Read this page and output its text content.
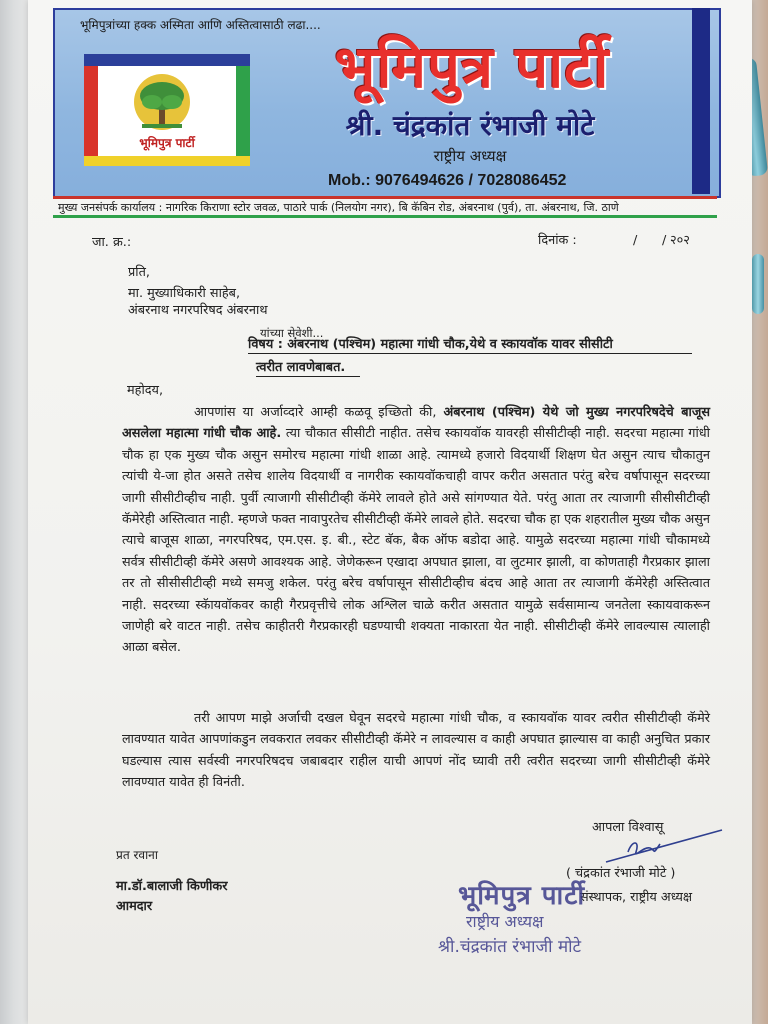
भूमिपुत्रांच्या हक्क अस्मिता आणि अस्तित्वासाठी लढा....
भूमिपुत्र पार्टी
भूमिपुत्र पार्टी
श्री. चंद्रकांत रंभाजी मोटे
राष्ट्रीय अध्यक्ष
Mob.: 9076494626 / 7028086452
मुख्य जनसंपर्क कार्यालय : नागरिक किराणा स्टोर जवळ, पाठारे पार्क (निलयोग नगर), बि कॅबिन रोड, अंबरनाथ (पुर्व), ता. अंबरनाथ, जि. ठाणे
जा. क्र.:	दिनांक :	/ / २०२
प्रति,
मा. मुख्याधिकारी साहेब,
अंबरनाथ नगरपरिषद अंबरनाथ
यांच्या सेवेशी...
विषय : अंबरनाथ (पश्चिम) महात्मा गांधी चौक,येथे व स्कायवॉक यावर सीसीटी
त्वरीत लावणेबाबत.
महोदय,
आपणांस या अर्जाव्दारे आम्ही कळवू इच्छितो की, अंबरनाथ (पश्चिम) येथे जो मुख्य नगरपरिषदेचे बाजूस असलेला महात्मा गांधी चौक आहे. त्या चौकात सीसीटी नाहीत. तसेच स्कायवॉक यावरही सीसीटीव्ही नाही. सदरचा महात्मा गांधी चौक हा एक मुख्य चौक असुन समोरच महात्मा गांधी शाळा आहे. त्यामध्ये हजारो विदयार्थी शिक्षण घेत असुन त्याच चौकातुन त्यांची ये-जा होत असते तसेच शालेय विदयार्थी व नागरीक स्कायवॉकचाही वापर करीत असतात परंतु बरेच वर्षापासून सदरच्या जागी सीसीटीव्हीच नाही. पुर्वी त्याजागी सीसीटीव्ही कॅमेरे लावले होते असे सांगण्यात येते. परंतु आता तर त्याजागी सीसीसीटीव्ही कॅमेरेही अस्तित्वात नाही. म्हणजे फक्त नावापुरतेच सीसीटीव्ही कॅमेरे लावले होते. सदरचा चौक हा एक शहरातील मुख्य चौक असुन त्याचे बाजूस शाळा, नगरपरिषद, एम.एस. इ. बी., स्टेट बॅक, बैक ऑफ बडोदा आहे. यामुळे सदरच्या महात्मा गांधी चौकामध्ये सर्वत्र सीसीटीव्ही कॅमेरे असणे आवश्यक आहे. जेणेकरून एखादा अपघात झाला, वा लुटमार झाली, वा कोणताही गैरप्रकार झाला तर तो सीसीसीटीव्ही मध्ये समजु शकेल. परंतु बरेच वर्षापासून सीसीटीव्हीच बंदच आहे आता तर त्याजागी कॅमेरेही अस्तित्वात नाही. सदरच्या स्कॅायवॉकवर काही गैरप्रवृत्तीचे लोक अश्लिल चाळे करीत असतात यामुळे सर्वसामान्य जनतेला स्कायवाकरून जाणेही बरे वाटत नाही. तसेच काहीतरी गैरप्रकारही घडण्याची शक्यता नाकारता येत नाही. सीसीटीव्ही कॅमेरे लावल्यास त्यालाही आळा बसेल.
तरी आपण माझे अर्जाची दखल घेवून सदरचे महात्मा गांधी चौक, व स्कायवॉक यावर त्वरीत सीसीटीव्ही कॅमेरे लावण्यात यावेत आपणांकडुन लवकरात लवकर सीसीटीव्ही कॅमेरे न लावल्यास व काही अपघात झाल्यास वा काही अनुचित प्रकार घडल्यास त्यास सर्वस्वी नगरपरिषदच जबाबदार राहील याची आपणं नोंद घ्यावी तरी त्वरीत सदरच्या जागी सीसीटीव्ही कॅमेरे लावण्यात यावेत ही विनंती.
आपला विश्वासू
प्रत रवाना
मा.डॉ.बालाजी किणीकर
आमदार
( चंद्रकांत रंभाजी मोटे )
संस्थापक, राष्ट्रीय अध्यक्ष
भूमिपुत्र पार्टी
राष्ट्रीय अध्यक्ष
श्री.चंद्रकांत रंभाजी मोटे
